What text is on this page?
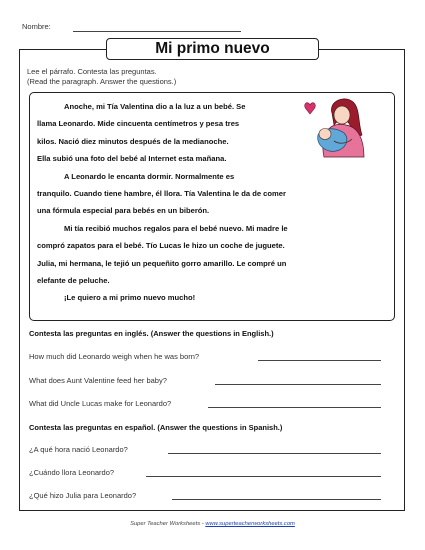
Nombre:
Mi primo nuevo
Lee el párrafo. Contesta las preguntas.
(Read the paragraph. Answer the questions.)
Anoche, mi Tía Valentina dio a la luz a un bebé. Se
llama Leonardo. Mide cincuenta centímetros y pesa tres
kilos. Nació diez minutos después de la medianoche.
Ella subió una foto del bebé al Internet esta mañana.
A Leonardo le encanta dormir. Normalmente es
tranquilo. Cuando tiene hambre, él llora. Tía Valentina le da de comer
una fórmula especial para bebés en un biberón.
Mi tía recibió muchos regalos para el bebé nuevo. Mi madre le
compró zapatos para el bebé. Tío Lucas le hizo un coche de juguete.
Julia, mi hermana, le tejió un pequeñito gorro amarillo. Le compré un
elefante de peluche.
¡Le quiero a mi primo nuevo mucho!
Contesta las preguntas en inglés. (Answer the questions in English.)
How much did Leonardo weigh when he was born?
What does Aunt Valentine feed her baby?
What did Uncle Lucas make for Leonardo?
Contesta las preguntas en español. (Answer the questions in Spanish.)
¿A qué hora nació Leonardo?
¿Cuándo llora Leonardo?
¿Qué hizo Julia para Leonardo?
Super Teacher Worksheets - www.superteacherworksheets.com
